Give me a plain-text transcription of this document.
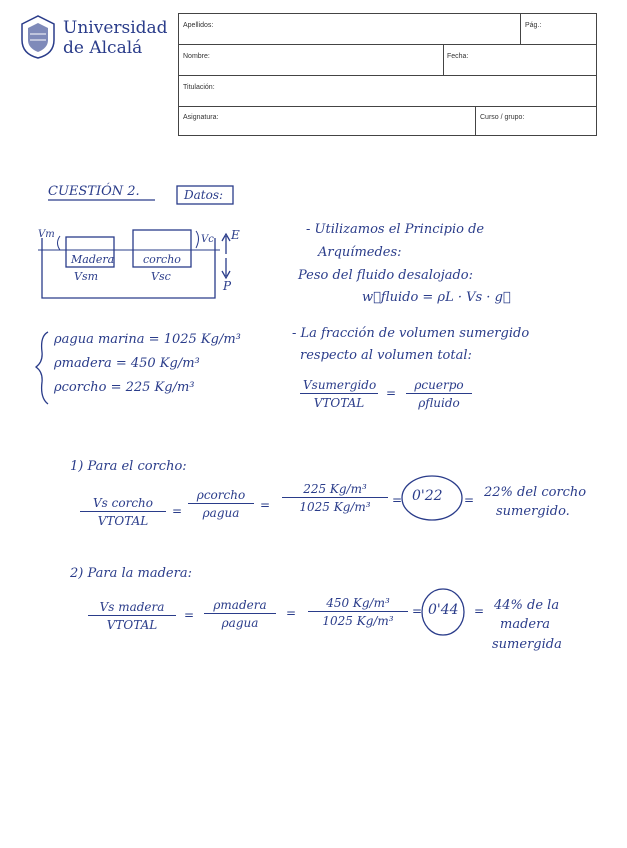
Universidad
de Alcalá
Apellidos:	Pág.:
Nombre:	Fecha:
Titulación:
Asignatura:	Curso / grupo:
CUESTIÓN 2.	Datos:
Vm
Madera
Vsm
corcho
Vsc
Vc E
P
ρagua marina = 1025 Kg/m³
ρmadera = 450 Kg/m³
ρcorcho = 225 Kg/m³
- Utilizamos el Principio de
Arquímedes:
Peso del fluido desalojado:
w⃗fluido = ρL · Vs · g⃗
- La fracción de volumen sumergido
respecto al volumen total:
Vsumergido
VTOTAL
=
ρcuerpo
ρfluido
1) Para el corcho:
Vs corcho
VTOTAL
=
ρcorcho
ρagua
= $\frac{\text{225 Kg/m³}}{\text{1025 Kg/m³}} = 0'22 = 22\%$ del corcho
sumergido.
2) Para la madera:
Vs madera
VTOTAL
=
ρmadera
ρagua
= $\frac{\text{450 Kg/m³}}{\text{1025 Kg/m³}} = 0'44 = 44\%$ de la
madera
sumergida
